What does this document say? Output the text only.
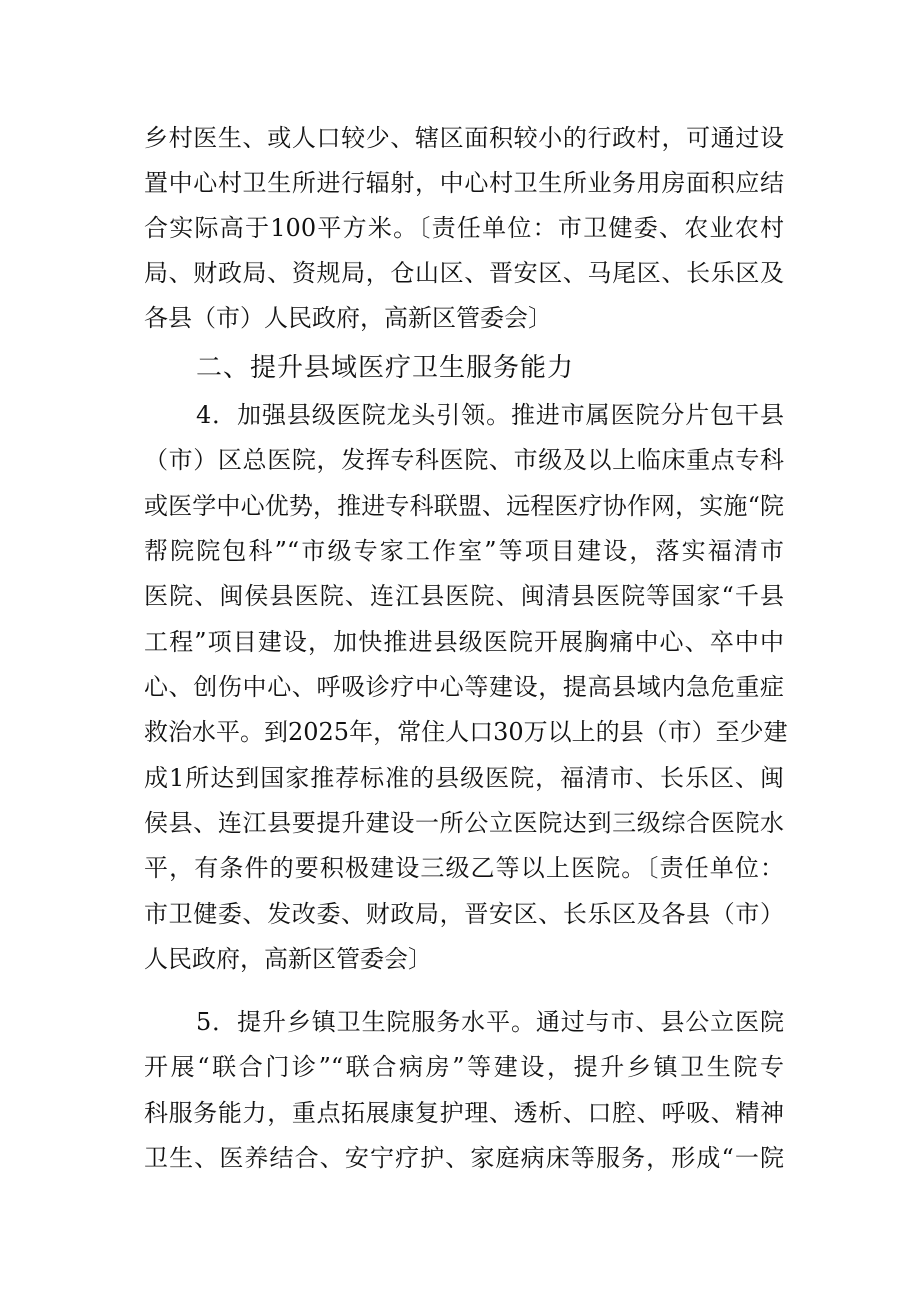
乡村医生、或人口较少、辖区面积较小的行政村，可通过设
置中心村卫生所进行辐射，中心村卫生所业务用房面积应结
合实际高于100平方米。〔责任单位：市卫健委、农业农村
局、财政局、资规局，仓山区、晋安区、马尾区、长乐区及
各县（市）人民政府，高新区管委会〕
二、提升县域医疗卫生服务能力
4．加强县级医院龙头引领。推进市属医院分片包干县
（市）区总医院，发挥专科医院、市级及以上临床重点专科
或医学中心优势，推进专科联盟、远程医疗协作网，实施“院
帮院院包科”“市级专家工作室”等项目建设，落实福清市
医院、闽侯县医院、连江县医院、闽清县医院等国家“千县
工程”项目建设，加快推进县级医院开展胸痛中心、卒中中
心、创伤中心、呼吸诊疗中心等建设，提高县域内急危重症
救治水平。到2025年，常住人口30万以上的县（市）至少建
成1所达到国家推荐标准的县级医院，福清市、长乐区、闽
侯县、连江县要提升建设一所公立医院达到三级综合医院水
平，有条件的要积极建设三级乙等以上医院。〔责任单位：
市卫健委、发改委、财政局，晋安区、长乐区及各县（市）
人民政府，高新区管委会〕
5．提升乡镇卫生院服务水平。通过与市、县公立医院
开展“联合门诊”“联合病房”等建设，提升乡镇卫生院专
科服务能力，重点拓展康复护理、透析、口腔、呼吸、精神
卫生、医养结合、安宁疗护、家庭病床等服务，形成“一院
